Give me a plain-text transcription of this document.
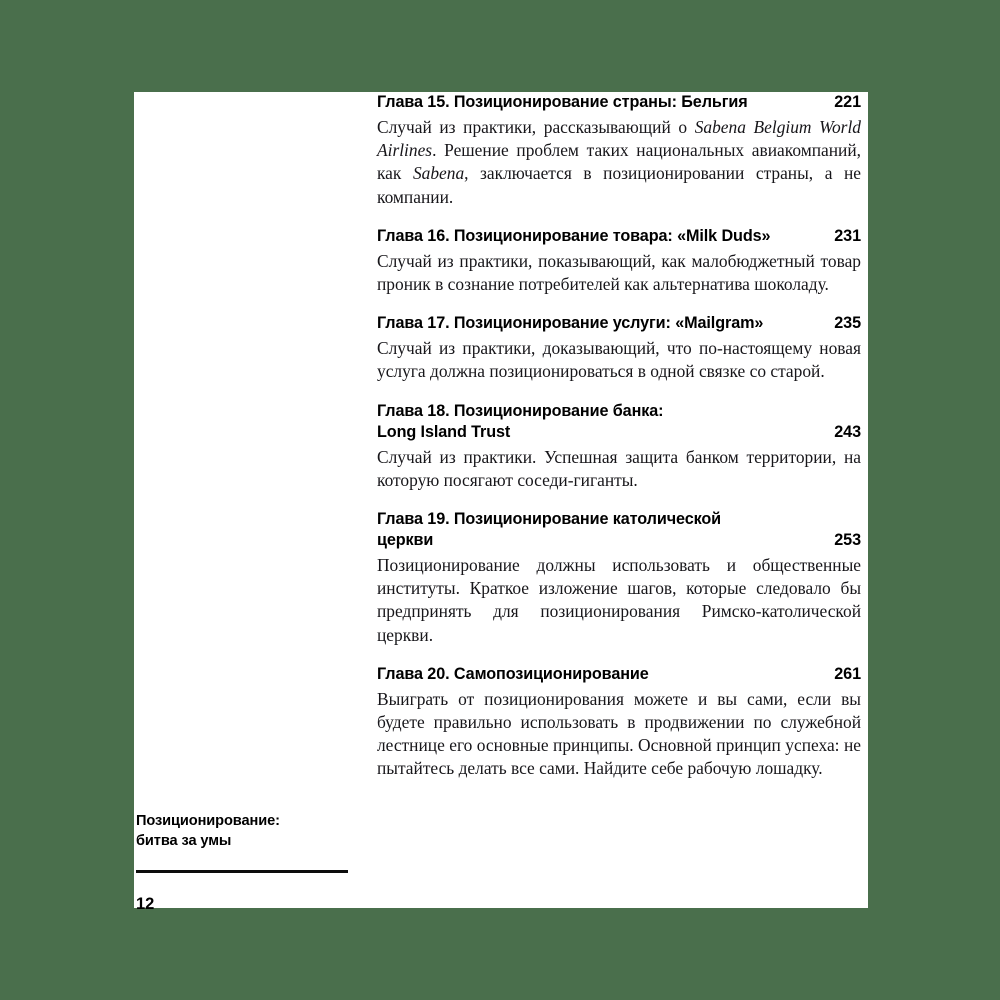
Глава 15. Позиционирование страны: Бельгия	221
Случай из практики, рассказывающий о Sabena Belgium World Airlines. Решение проблем таких национальных авиакомпаний, как Sabena, заключается в позиционировании страны, а не компании.
Глава 16. Позиционирование товара: «Milk Duds»	231
Случай из практики, показывающий, как малобюджетный товар проник в сознание потребителей как альтернатива шоколаду.
Глава 17. Позиционирование услуги: «Mailgram»	235
Случай из практики, доказывающий, что по-настоящему новая услуга должна позиционироваться в одной связке со старой.
Глава 18. Позиционирование банка:
Long Island Trust	243
Случай из практики. Успешная защита банком территории, на которую посягают соседи-гиганты.
Глава 19. Позиционирование католической
церкви	253
Позиционирование должны использовать и общественные институты. Краткое изложение шагов, которые следовало бы предпринять для позиционирования Римско-католической церкви.
Глава 20. Самопозиционирование	261
Выиграть от позиционирования можете и вы сами, если вы будете правильно использовать в продвижении по служебной лестнице его основные принципы. Основной принцип успеха: не пытайтесь делать все сами. Найдите себе рабочую лошадку.
Позиционирование:
битва за умы
12
